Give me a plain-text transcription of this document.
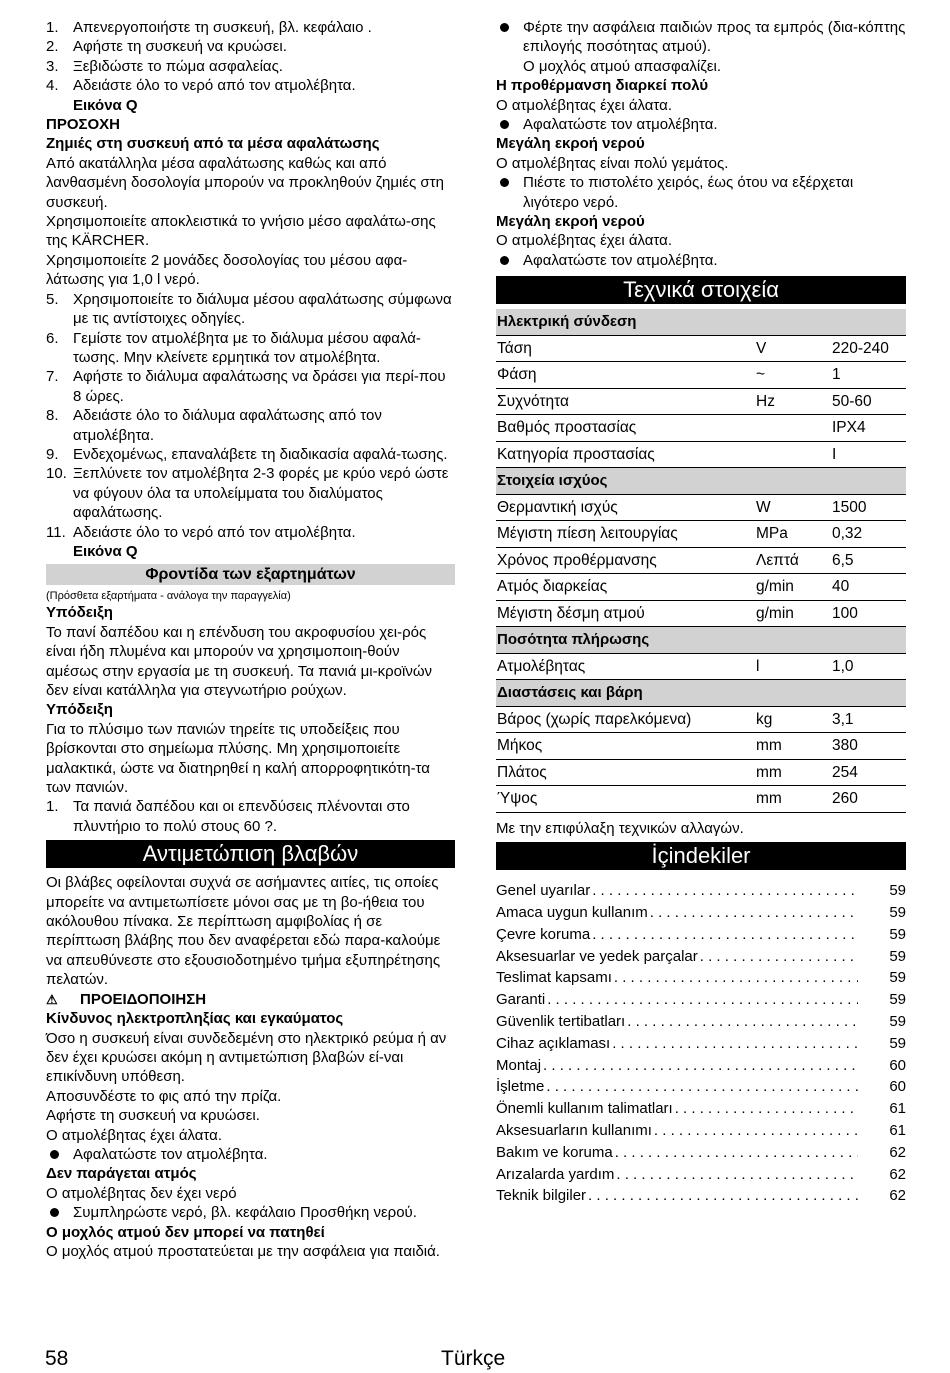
1. Απενεργοποιήστε τη συσκευή, βλ. κεφάλαιο .
2. Αφήστε τη συσκευή να κρυώσει.
3. Ξεβιδώστε το πώμα ασφαλείας.
4. Αδειάστε όλο το νερό από τον ατμολέβητα.
Εικόνα Q
ΠΡΟΣΟΧΗ
Ζημιές στη συσκευή από τα μέσα αφαλάτωσης

Από ακατάλληλα μέσα αφαλάτωσης καθώς και από λανθασμένη δοσολογία μπορούν να προκληθούν ζημιές στη συσκευή.

Χρησιμοποιείτε αποκλειστικά το γνήσιο μέσο αφαλάτω-σης της KÄRCHER.

Χρησιμοποιείτε 2 μονάδες δοσολογίας του μέσου αφα-λάτωσης για 1,0 l νερό.

5. Χρησιμοποιείτε το διάλυμα μέσου αφαλάτωσης σύμφωνα με τις αντίστοιχες οδηγίες.
6. Γεμίστε τον ατμολέβητα με το διάλυμα μέσου αφαλά-τωσης. Μην κλείνετε ερμητικά τον ατμολέβητα.
7. Αφήστε το διάλυμα αφαλάτωσης να δράσει για περί-που 8 ώρες.
8. Αδειάστε όλο το διάλυμα αφαλάτωσης από τον ατμολέβητα.
9. Ενδεχομένως, επαναλάβετε τη διαδικασία αφαλά-τωσης.
10. Ξεπλύνετε τον ατμολέβητα 2-3 φορές με κρύο νερό ώστε να φύγουν όλα τα υπολείμματα του διαλύματος αφαλάτωσης.
11. Αδειάστε όλο το νερό από τον ατμολέβητα.
Εικόνα Q
Φροντίδα των εξαρτημάτων
(Πρόσθετα εξαρτήματα - ανάλογα την παραγγελία)
Υπόδειξη

Το πανί δαπέδου και η επένδυση του ακροφυσίου χει-ρός είναι ήδη πλυμένα και μπορούν να χρησιμοποιη-θούν αμέσως στην εργασία με τη συσκευή. Τα πανιά μι-κροϊνών δεν είναι κατάλληλα για στεγνωτήριο ρούχων.

Υπόδειξη

Για το πλύσιμο των πανιών τηρείτε τις υποδείξεις που βρίσκονται στο σημείωμα πλύσης. Μη χρησιμοποιείτε μαλακτικά, ώστε να διατηρηθεί η καλή απορροφητικότη-τα των πανιών.

1. Τα πανιά δαπέδου και οι επενδύσεις πλένονται στο πλυντήριο το πολύ στους 60 ?.
Αντιμετώπιση βλαβών

Οι βλάβες οφείλονται συχνά σε ασήμαντες αιτίες, τις οποίες μπορείτε να αντιμετωπίσετε μόνοι σας με τη βο-ήθεια του ακόλουθου πίνακα. Σε περίπτωση αμφιβολίας ή σε περίπτωση βλάβης που δεν αναφέρεται εδώ παρα-καλούμε να απευθύνεστε στο εξουσιοδοτημένο τμήμα εξυπηρέτησης πελατών.

⚠ ΠΡΟΕΙΔΟΠΟΙΗΣΗ
Κίνδυνος ηλεκτροπληξίας και εγκαύματος

Όσο η συσκευή είναι συνδεδεμένη στο ηλεκτρικό ρεύμα ή αν δεν έχει κρυώσει ακόμη η αντιμετώπιση βλαβών εί-ναι επικίνδυνη υπόθεση.

Αποσυνδέστε το φις από την πρίζα.

Αφήστε τη συσκευή να κρυώσει.

Ο ατμολέβητας έχει άλατα.

Αφαλατώστε τον ατμολέβητα.
Δεν παράγεται ατμός

Ο ατμολέβητας δεν έχει νερό

Συμπληρώστε νερό, βλ. κεφάλαιο Προσθήκη νερού.
Ο μοχλός ατμού δεν μπορεί να πατηθεί

Ο μοχλός ατμού προστατεύεται με την ασφάλεια για παιδιά.

Φέρτε την ασφάλεια παιδιών προς τα εμπρός (δια-κόπτης επιλογής ποσότητας ατμού).
Ο μοχλός ατμού απασφαλίζει.
Η προθέρμανση διαρκεί πολύ

Ο ατμολέβητας έχει άλατα.

Αφαλατώστε τον ατμολέβητα.
Μεγάλη εκροή νερού

Ο ατμολέβητας είναι πολύ γεμάτος.

Πιέστε το πιστολέτο χειρός, έως ότου να εξέρχεται λιγότερο νερό.
Μεγάλη εκροή νερού

Ο ατμολέβητας έχει άλατα.

Αφαλατώστε τον ατμολέβητα.
Τεχνικά στοιχεία
Ηλεκτρική σύνδεση		
Τάση	V	220-240
Φάση	~	1
Συχνότητα	Hz	50-60
Βαθμός προστασίας		IPX4
Κατηγορία προστασίας		I
Στοιχεία ισχύος		
Θερμαντική ισχύς	W	1500
Μέγιστη πίεση λειτουργίας	MPa	0,32
Χρόνος προθέρμανσης	Λεπτά	6,5
Ατμός διαρκείας	g/min	40
Μέγιστη δέσμη ατμού	g/min	100
Ποσότητα πλήρωσης		
Ατμολέβητας	l	1,0
Διαστάσεις και βάρη		
Βάρος (χωρίς παρελκόμενα)	kg	3,1
Μήκος	mm	380
Πλάτος	mm	254
Ύψος	mm	260

Με την επιφύλαξη τεχνικών αλλαγών.

İçindekiler
Genel uyarılar . . .	59
Amaca uygun kullanım . . .	59
Çevre koruma . . .	59
Aksesuarlar ve yedek parçalar . . .	59
Teslimat kapsamı . . .	59
Garanti . . .	59
Güvenlik tertibatları . . .	59
Cihaz açıklaması . . .	59
Montaj . . .	60
İşletme . . .	60
Önemli kullanım talimatları . . .	61
Aksesuarların kullanımı . . .	61
Bakım ve koruma . . .	62
Arızalarda yardım . . .	62
Teknik bilgiler . . .	62
58	Türkçe
